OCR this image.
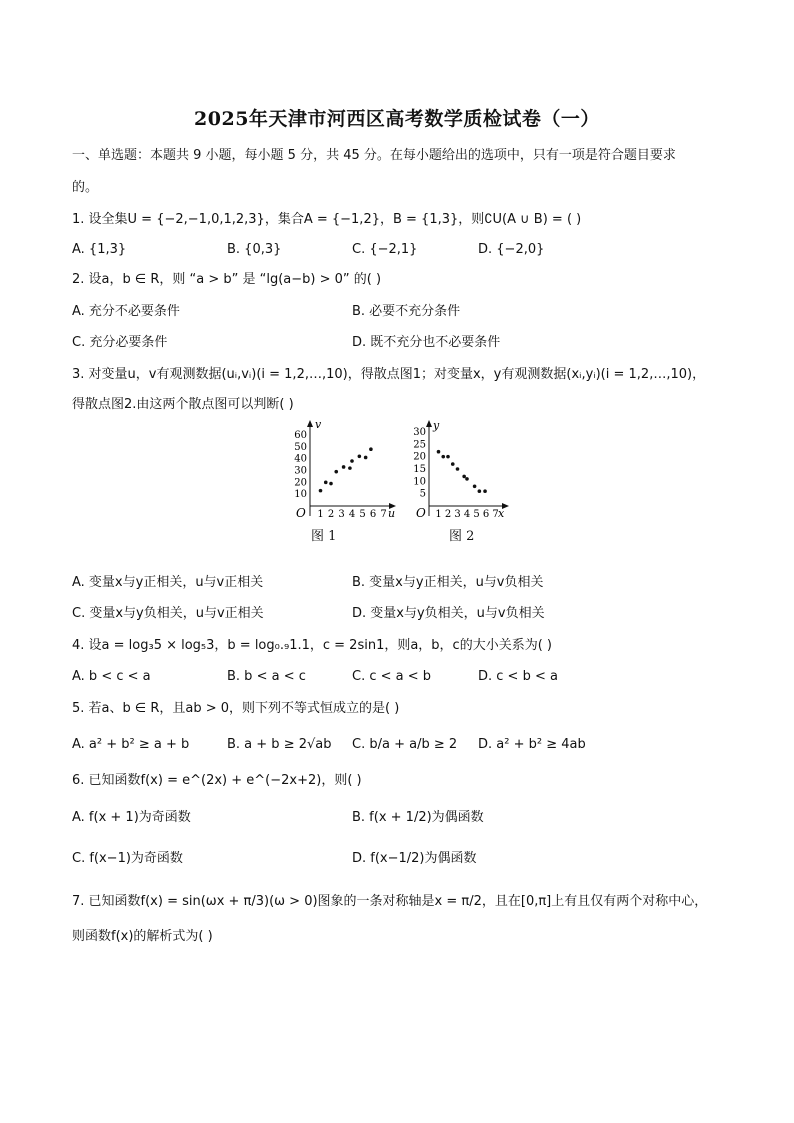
2025年天津市河西区高考数学质检试卷（一）
一、单选题：本题共 9 小题，每小题 5 分，共 45 分。在每小题给出的选项中，只有一项是符合题目要求
的。
1. 设全集U = {−2,−1,0,1,2,3}，集合A = {−1,2}，B = {1,3}，则∁U(A ∪ B) = ( )
A. {1,3}	B. {0,3}	C. {−2,1}	D. {−2,0}
2. 设a，b ∈ R，则 “a > b” 是 “lg(a−b) > 0” 的( )
A. 充分不必要条件	B. 必要不充分条件
C. 充分必要条件	D. 既不充分也不必要条件
3. 对变量u，v有观测数据(uᵢ,vᵢ)(i = 1,2,…,10)，得散点图1；对变量x，y有观测数据(xᵢ,yᵢ)(i = 1,2,…,10)，
得散点图2.由这两个散点图可以判断( )
v
u
O
10
20
30
40
50
60
1 2 3 4 5 6 7
图 1
y
x
O
5
10
15
20
25
30
1 2 3 4 5 6 7
图 2
A. 变量x与y正相关，u与v正相关	B. 变量x与y正相关，u与v负相关
C. 变量x与y负相关，u与v正相关	D. 变量x与y负相关，u与v负相关
4. 设a = log₃5 × log₅3，b = log₀.₉1.1，c = 2sin1，则a，b，c的大小关系为( )
A. b < c < a	B. b < a < c	C. c < a < b	D. c < b < a
5. 若a、b ∈ R，且ab > 0，则下列不等式恒成立的是( )
A. a² + b² ≥ a + b	B. a + b ≥ 2√ab C. b/a + a/b ≥ 2 D. a² + b² ≥ 4ab
6. 已知函数f(x) = e^(2x) + e^(−2x+2)，则( )
A. f(x + 1)为奇函数	B. f(x + 1/2)为偶函数
C. f(x−1)为奇函数	D. f(x−1/2)为偶函数
7. 已知函数f(x) = sin(ωx + π/3)(ω > 0)图象的一条对称轴是x = π/2，且在[0,π]上有且仅有两个对称中心，
则函数f(x)的解析式为( )
